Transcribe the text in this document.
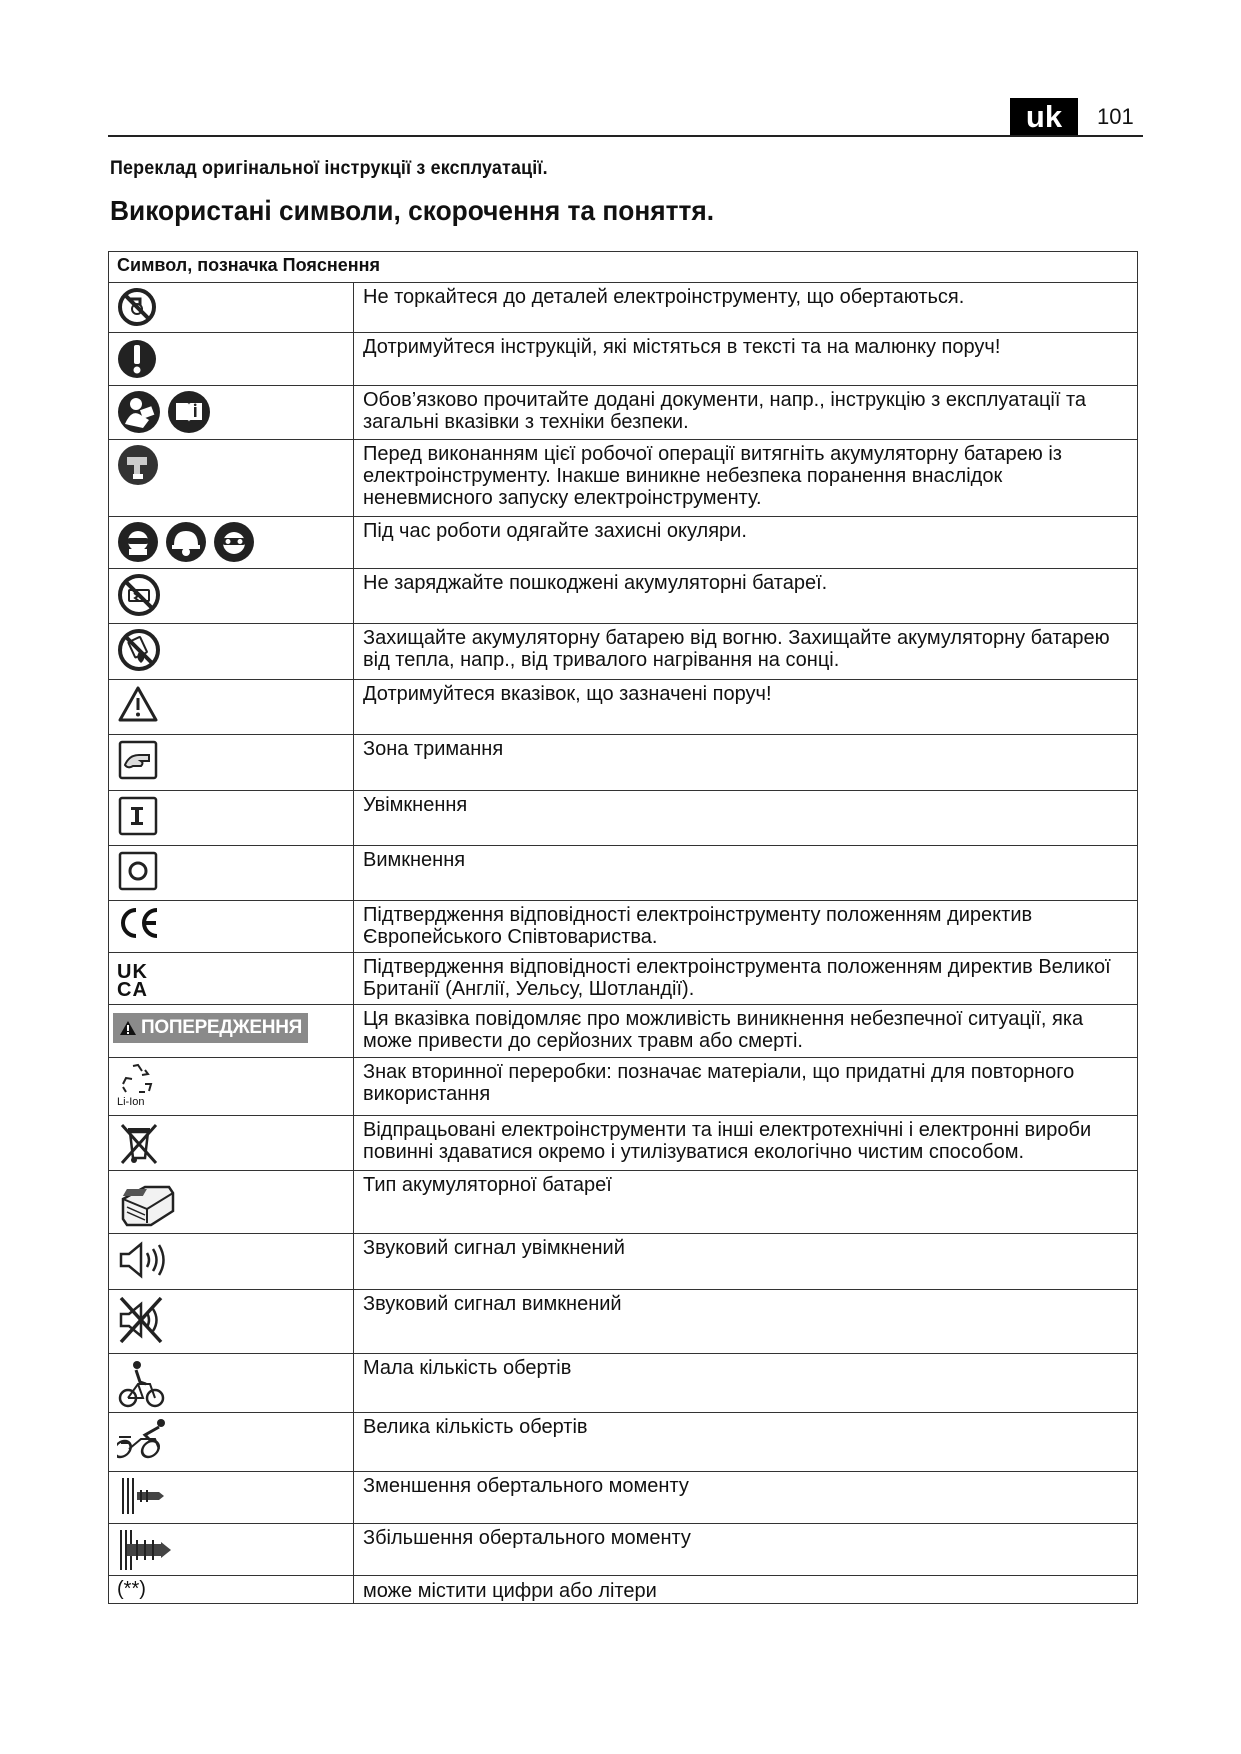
uk	101
Переклад оригінальної інструкції з експлуатації.
Використані символи, скорочення та поняття.
Символ, позначка Пояснення	

	Не торкайтеся до деталей електроінструменту, що обертаються.

	Дотримуйтеся інструкцій, які містяться в тексті та на малюнку поруч!

	Обов’язково прочитайте додані документи, напр., інструкцію з експлуатації та загальні вказівки з техніки безпеки.

	Перед виконанням цієї робочої операції витягніть акумуляторну батарею із електроінструменту. Інакше виникне небезпека поранення внаслідок неневмисного запуску електроінструменту.

	Під час роботи одягайте захисні окуляри.

	Не заряджайте пошкоджені акумуляторні батареї.

	Захищайте акумуляторну батарею від вогню. Захищайте акумуляторну батарею від тепла, напр., від тривалого нагрівання на сонці.

	Дотримуйтеся вказівок, що зазначені поруч!

	Зона тримання

	Увімкнення

	Вимкнення

	Підтвердження відповідності електроінструменту положенням директив Європейського Співтовариства.

UK
CA	Підтвердження відповідності електроінструмента положенням директив Великої Британії (Англії, Уельсу, Шотландії).

ПОПЕРЕДЖЕННЯ	Ця вказівка повідомляє про можливість виникнення небезпечної ситуації, яка може привести до серйозних травм або смерті.

Li-Ion	Знак вторинної переробки: позначає матеріали, що придатні для повторного використання

	Відпрацьовані електроінструменти та інші електротехнічні і електронні вироби повинні здаватися окремо і утилізуватися екологічно чистим способом.

	Тип акумуляторної батареї

	Звуковий сигнал увімкнений

	Звуковий сигнал вимкнений

	Мала кількість обертів

	Велика кількість обертів

	Зменшення обертального моменту

	Збільшення обертального моменту
(**)	може містити цифри або літери
